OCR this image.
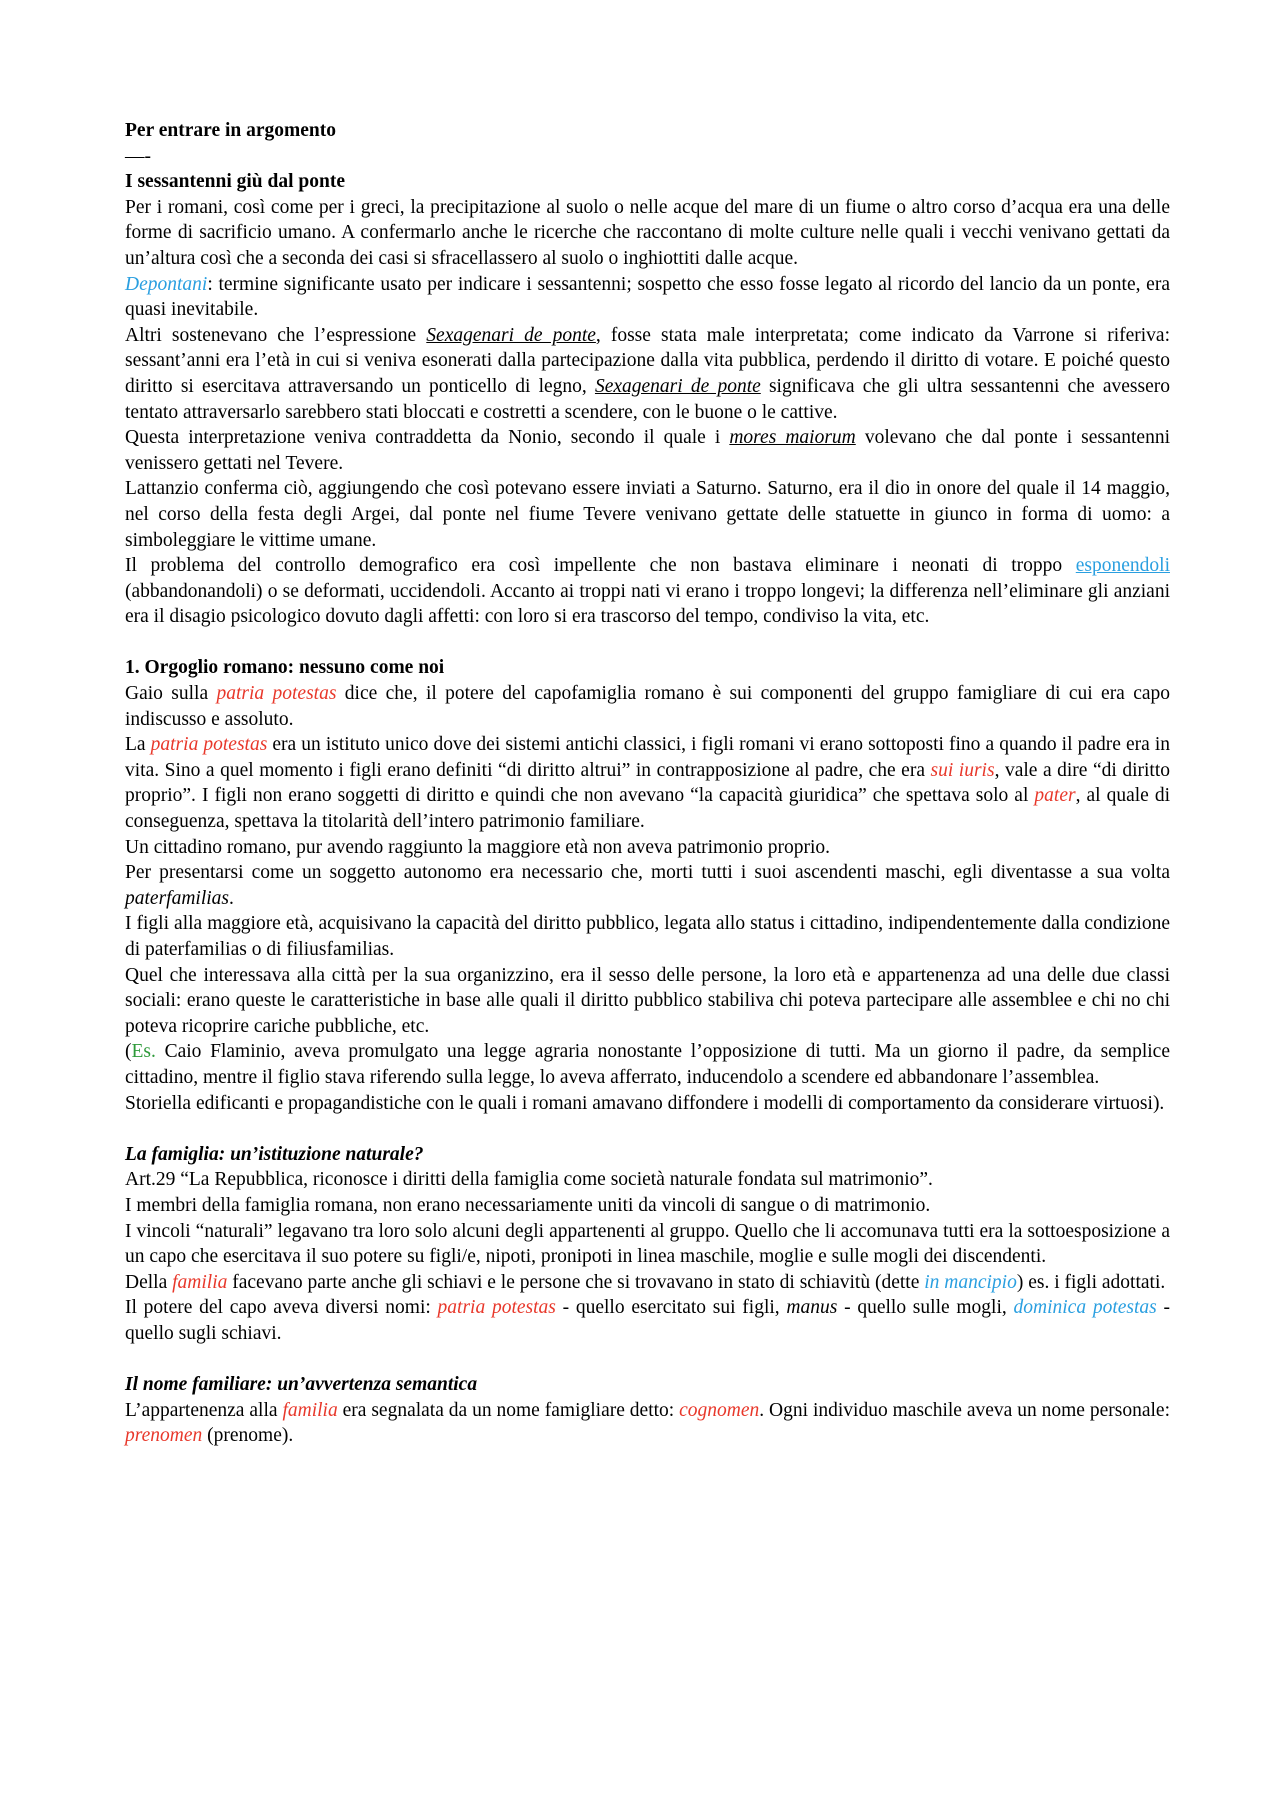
Per entrare in argomento

—-

I sessantenni giù dal ponte

Per i romani, così come per i greci, la precipitazione al suolo o nelle acque del mare di un fiume o altro corso d’acqua era una delle forme di sacrificio umano. A confermarlo anche le ricerche che raccontano di molte culture nelle quali i vecchi venivano gettati da un’altura così che a seconda dei casi si sfracellassero al suolo o inghiottiti dalle acque.

Depontani: termine significante usato per indicare i sessantenni; sospetto che esso fosse legato al ricordo del lancio da un ponte, era quasi inevitabile.

Altri sostenevano che l’espressione Sexagenari de ponte, fosse stata male interpretata; come indicato da Varrone si riferiva: sessant’anni era l’età in cui si veniva esonerati dalla partecipazione dalla vita pubblica, perdendo il diritto di votare. E poiché questo diritto si esercitava attraversando un ponticello di legno, Sexagenari de ponte significava che gli ultra sessantenni che avessero tentato attraversarlo sarebbero stati bloccati e costretti a scendere, con le buone o le cattive.

Questa interpretazione veniva contraddetta da Nonio, secondo il quale i mores maiorum volevano che dal ponte i sessantenni venissero gettati nel Tevere.

Lattanzio conferma ciò, aggiungendo che così potevano essere inviati a Saturno. Saturno, era il dio in onore del quale il 14 maggio, nel corso della festa degli Argei, dal ponte nel fiume Tevere venivano gettate delle statuette in giunco in forma di uomo: a simboleggiare le vittime umane.

Il problema del controllo demografico era così impellente che non bastava eliminare i neonati di troppo esponendoli (abbandonandoli) o se deformati, uccidendoli. Accanto ai troppi nati vi erano i troppo longevi; la differenza nell’eliminare gli anziani era il disagio psicologico dovuto dagli affetti: con loro si era trascorso del tempo, condiviso la vita, etc.

1. Orgoglio romano: nessuno come noi

Gaio sulla patria potestas dice che, il potere del capofamiglia romano è sui componenti del gruppo famigliare di cui era capo indiscusso e assoluto.

La patria potestas era un istituto unico dove dei sistemi antichi classici, i figli romani vi erano sottoposti fino a quando il padre era in vita. Sino a quel momento i figli erano definiti “di diritto altrui” in contrapposizione al padre, che era sui iuris, vale a dire “di diritto proprio”. I figli non erano soggetti di diritto e quindi che non avevano “la capacità giuridica” che spettava solo al pater, al quale di conseguenza, spettava la titolarità dell’intero patrimonio familiare.

Un cittadino romano, pur avendo raggiunto la maggiore età non aveva patrimonio proprio.

Per presentarsi come un soggetto autonomo era necessario che, morti tutti i suoi ascendenti maschi, egli diventasse a sua volta paterfamilias.

I figli alla maggiore età, acquisivano la capacità del diritto pubblico, legata allo status i cittadino, indipendentemente dalla condizione di paterfamilias o di filiusfamilias.

Quel che interessava alla città per la sua organizzino, era il sesso delle persone, la loro età e appartenenza ad una delle due classi sociali: erano queste le caratteristiche in base alle quali il diritto pubblico stabiliva chi poteva partecipare alle assemblee e chi no chi poteva ricoprire cariche pubbliche, etc.

(Es. Caio Flaminio, aveva promulgato una legge agraria nonostante l’opposizione di tutti. Ma un giorno il padre, da semplice cittadino, mentre il figlio stava riferendo sulla legge, lo aveva afferrato, inducendolo a scendere ed abbandonare l’assemblea.

Storiella edificanti e propagandistiche con le quali i romani amavano diffondere i modelli di comportamento da considerare virtuosi).

La famiglia: un’istituzione naturale?

Art.29 “La Repubblica, riconosce i diritti della famiglia come società naturale fondata sul matrimonio”.

I membri della famiglia romana, non erano necessariamente uniti da vincoli di sangue o di matrimonio.

I vincoli “naturali” legavano tra loro solo alcuni degli appartenenti al gruppo. Quello che li accomunava tutti era la sottoesposizione a un capo che esercitava il suo potere su figli/e, nipoti, pronipoti in linea maschile, moglie e sulle mogli dei discendenti.

Della familia facevano parte anche gli schiavi e le persone che si trovavano in stato di schiavitù (dette in mancipio) es. i figli adottati.

Il potere del capo aveva diversi nomi: patria potestas - quello esercitato sui figli, manus - quello sulle mogli, dominica potestas - quello sugli schiavi.

Il nome familiare: un’avvertenza semantica

L’appartenenza alla familia era segnalata da un nome famigliare detto: cognomen. Ogni individuo maschile aveva un nome personale: prenomen (prenome).
